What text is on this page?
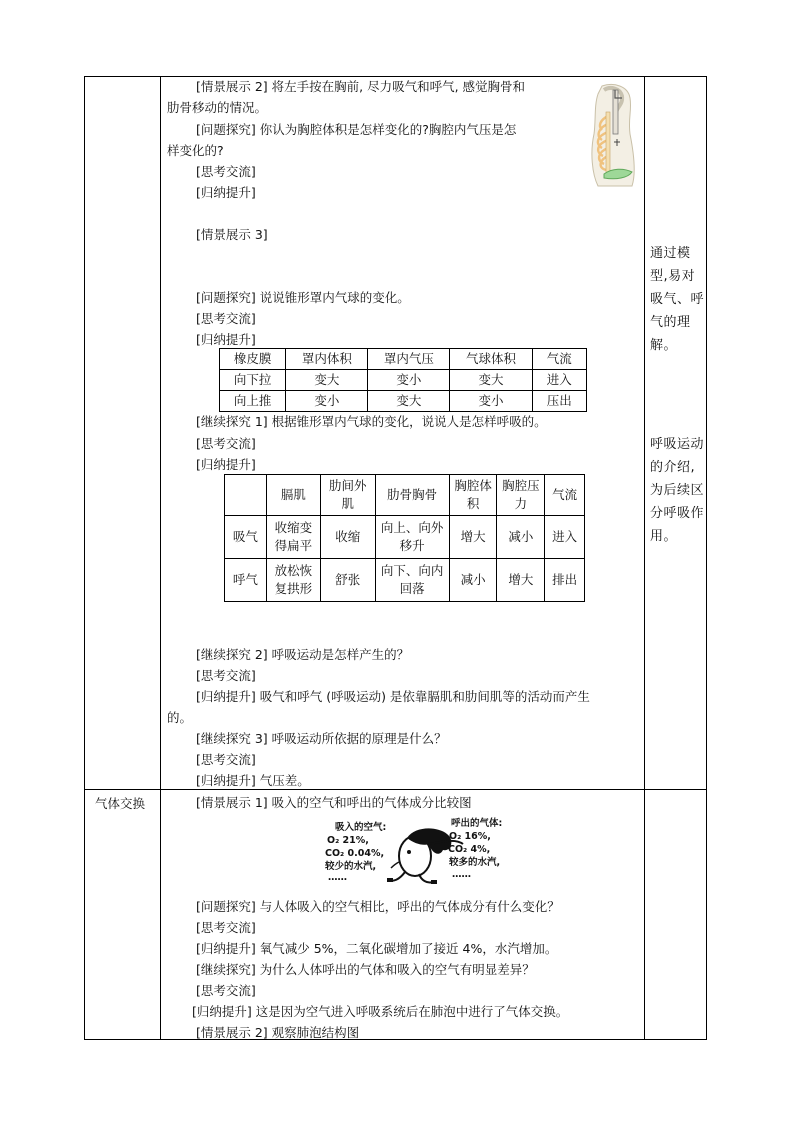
气体交换
通过模型,易对吸气、呼气的理解。
呼吸运动的介绍,为后续区分呼吸作用。
[情景展示 2] 将左手按在胸前, 尽力吸气和呼气, 感觉胸骨和
肋骨移动的情况。
[问题探究] 你认为胸腔体积是怎样变化的?胸腔内气压是怎
样变化的?
[思考交流]
[归纳提升]
[情景展示 3]
[问题探究] 说说锥形罩内气球的变化。
[思考交流]
[归纳提升]
橡皮膜	罩内体积	罩内气压	气球体积	气流
向下拉	变大	变小	变大	进入
向上推	变小	变大	变小	压出
[继续探究 1] 根据锥形罩内气球的变化，说说人是怎样呼吸的。
[思考交流]
[归纳提升]
	膈肌	肋间外肌	肋骨胸骨	胸腔体积	胸腔压力	气流
吸气	收缩变得扁平	收缩	向上、向外移升	增大	减小	进入
呼气	放松恢复拱形	舒张	向下、向内回落	减小	增大	排出
[继续探究 2] 呼吸运动是怎样产生的？
[思考交流]
[归纳提升] 吸气和呼气 (呼吸运动) 是依靠膈肌和肋间肌等的活动而产生
的。
[继续探究 3] 呼吸运动所依据的原理是什么？
[思考交流]
[归纳提升] 气压差。
[情景展示 1] 吸入的空气和呼出的气体成分比较图
[问题探究] 与人体吸入的空气相比，呼出的气体成分有什么变化？
[思考交流]
[归纳提升] 氧气减少 5%，二氧化碳增加了接近 4%，水汽增加。
[继续探究] 为什么人体呼出的气体和吸入的空气有明显差异？
[思考交流]
[归纳提升] 这是因为空气进入呼吸系统后在肺泡中进行了气体交换。
[情景展示 2] 观察肺泡结构图
吸入的空气:
O₂ 21%,
CO₂ 0.04%,
较少的水汽,
……
呼出的气体:
O₂ 16%,
CO₂ 4%,
较多的水汽,
……
